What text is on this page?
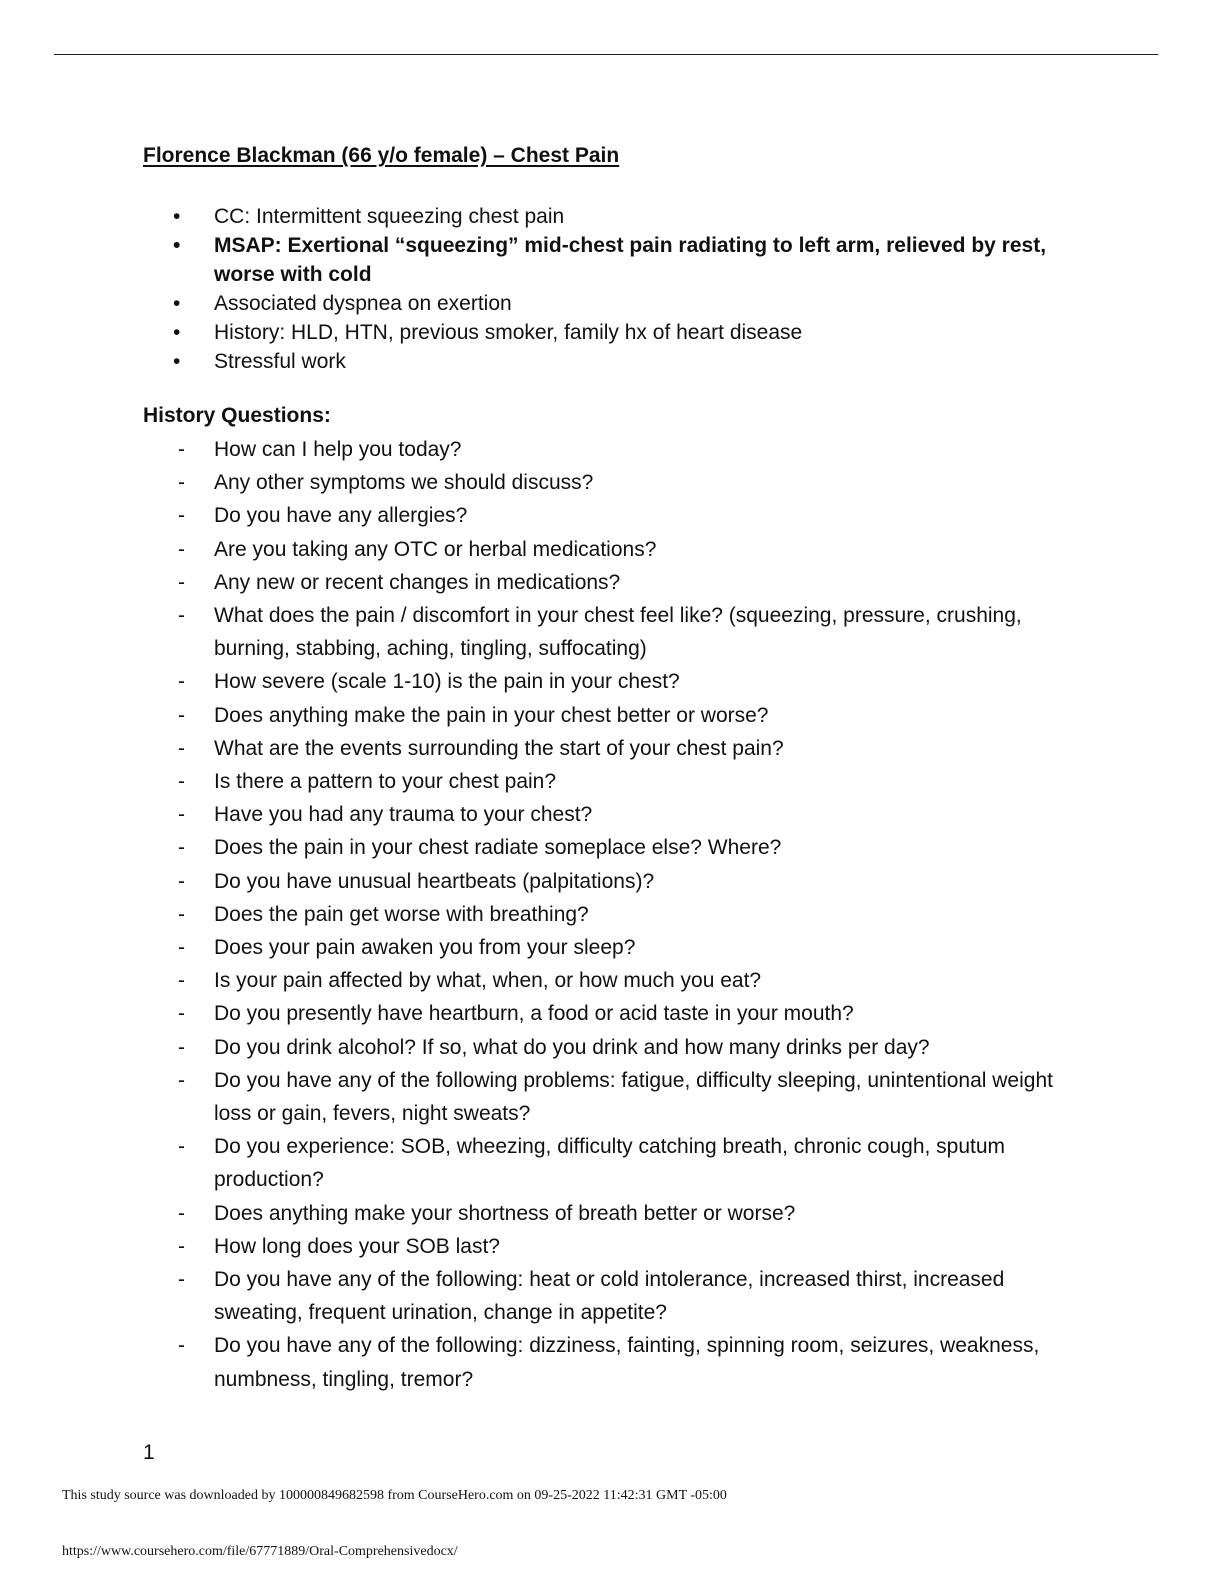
Florence Blackman (66 y/o female) – Chest Pain
• CC: Intermittent squeezing chest pain
• MSAP: Exertional “squeezing” mid-chest pain radiating to left arm, relieved by rest, worse with cold
• Associated dyspnea on exertion
• History: HLD, HTN, previous smoker, family hx of heart disease
• Stressful work
History Questions:
- How can I help you today?
- Any other symptoms we should discuss?
- Do you have any allergies?
- Are you taking any OTC or herbal medications?
- Any new or recent changes in medications?
- What does the pain / discomfort in your chest feel like? (squeezing, pressure, crushing, burning, stabbing, aching, tingling, suffocating)
- How severe (scale 1-10) is the pain in your chest?
- Does anything make the pain in your chest better or worse?
- What are the events surrounding the start of your chest pain?
- Is there a pattern to your chest pain?
- Have you had any trauma to your chest?
- Does the pain in your chest radiate someplace else? Where?
- Do you have unusual heartbeats (palpitations)?
- Does the pain get worse with breathing?
- Does your pain awaken you from your sleep?
- Is your pain affected by what, when, or how much you eat?
- Do you presently have heartburn, a food or acid taste in your mouth?
- Do you drink alcohol? If so, what do you drink and how many drinks per day?
- Do you have any of the following problems: fatigue, difficulty sleeping, unintentional weight loss or gain, fevers, night sweats?
- Do you experience: SOB, wheezing, difficulty catching breath, chronic cough, sputum production?
- Does anything make your shortness of breath better or worse?
- How long does your SOB last?
- Do you have any of the following: heat or cold intolerance, increased thirst, increased sweating, frequent urination, change in appetite?
- Do you have any of the following: dizziness, fainting, spinning room, seizures, weakness, numbness, tingling, tremor?
1
This study source was downloaded by 100000849682598 from CourseHero.com on 09-25-2022 11:42:31 GMT -05:00
https://www.coursehero.com/file/67771889/Oral-Comprehensivedocx/
